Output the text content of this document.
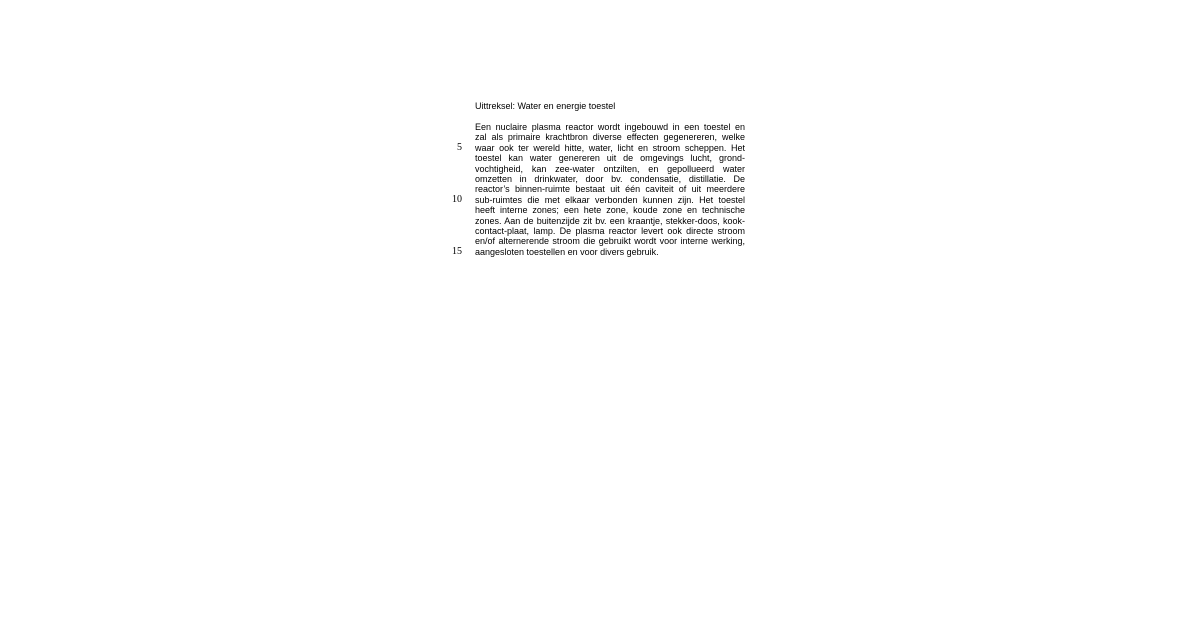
Uittreksel: Water en energie toestel
5
10
15
Een nuclaire plasma reactor wordt ingebouwd in een toestel en
zal als primaire krachtbron diverse effecten gegenereren, welke
waar ook ter wereld hitte, water, licht en stroom scheppen. Het
toestel kan water genereren uit de omgevings lucht, grond-
vochtigheid, kan zee-water ontzilten, en gepollueerd water
omzetten in drinkwater, door bv. condensatie, distillatie. De
reactor’s binnen-ruimte bestaat uit één caviteit of uit meerdere
sub-ruimtes die met elkaar verbonden kunnen zijn. Het toestel
heeft interne zones; een hete zone, koude zone en technische
zones. Aan de buitenzijde zit bv. een kraantje, stekker-doos, kook-
contact-plaat, lamp. De plasma reactor levert ook directe stroom
en/of alternerende stroom die gebruikt wordt voor interne werking,
aangesloten toestellen en voor divers gebruik.
